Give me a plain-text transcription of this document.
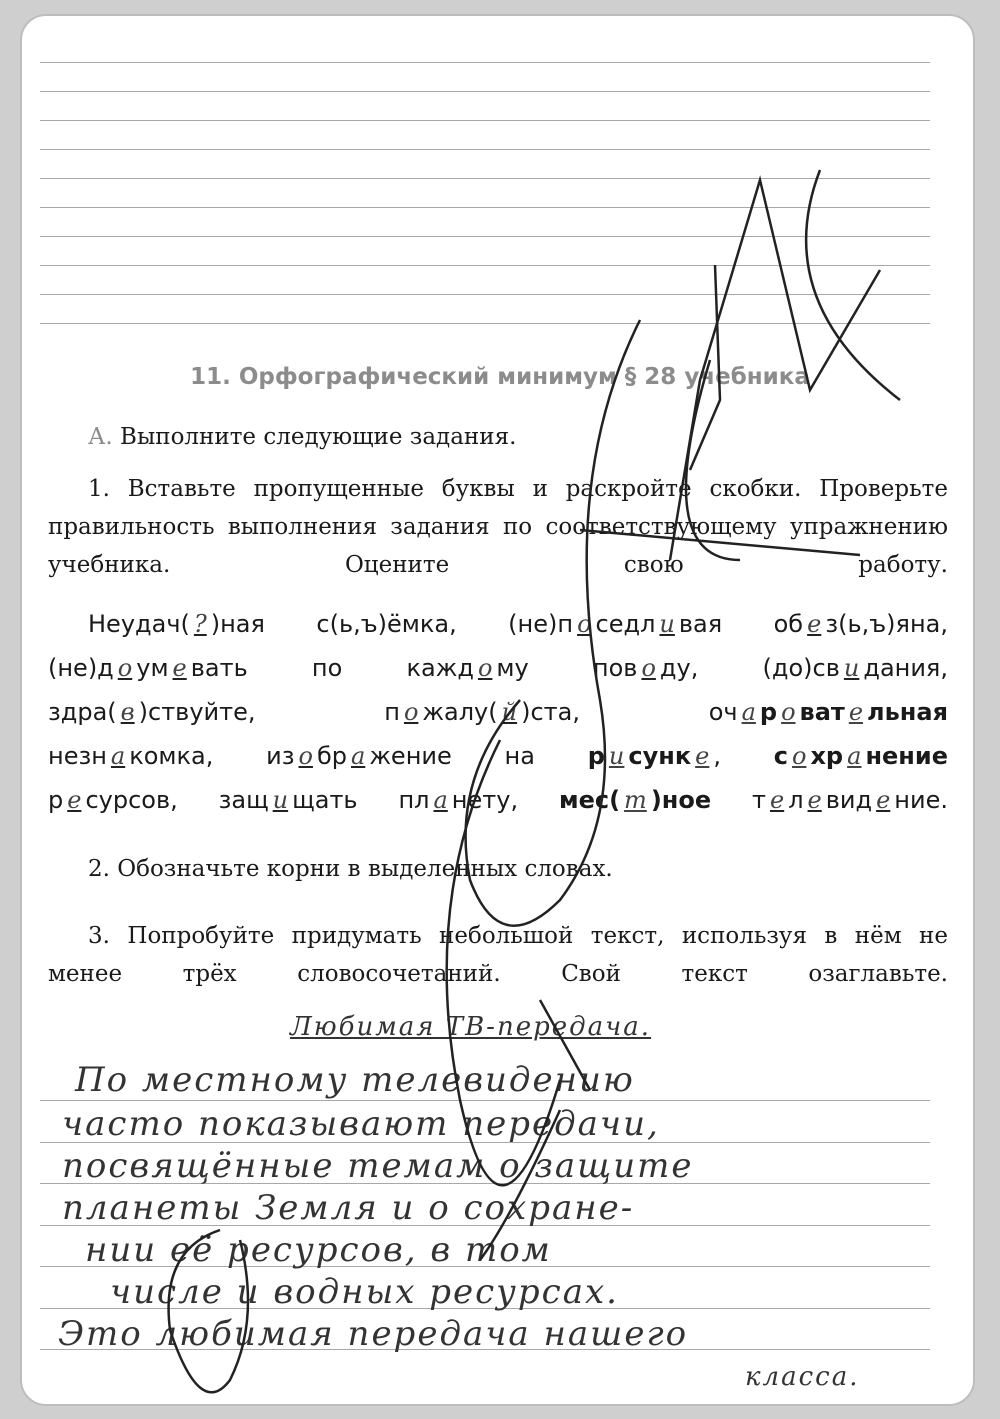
11. Орфографический минимум § 28 учебника
А. Выполните следующие задания.
1. Вставьте пропущенные буквы и раскройте скобки. Проверьте правильность выполнения задания по соответствующему упражнению учебника. Оцените свою работу.
Неудач( ? )ная с(ь,ъ)ёмка, (не)п о седл и вая об е з(ь,ъ)яна,
(не)д о ум е вать по кажд о му пов о ду, (до)св и дания,
здра( в )ствуйте, п о жалу( й )ста, оч а р о ват е льная
незн а комка, из о бр а жение на р и сунк е , с о хр а нение
р е сурсов, защ и щать пл а нету, мес( т )ное т е л е вид е ние.
2. Обозначьте корни в выделенных словах.
3. Попробуйте придумать небольшой текст, используя в нём не менее трёх словосочетаний. Свой текст озаглавьте.
Любимая ТВ-передача.
По местному телевидению
часто показывают передачи,
посвящённые темам о защите
планеты Земля и о сохране-
нии её ресурсов, в том
числе и водных ресурсах.
Это любимая передача нашего
класса.
